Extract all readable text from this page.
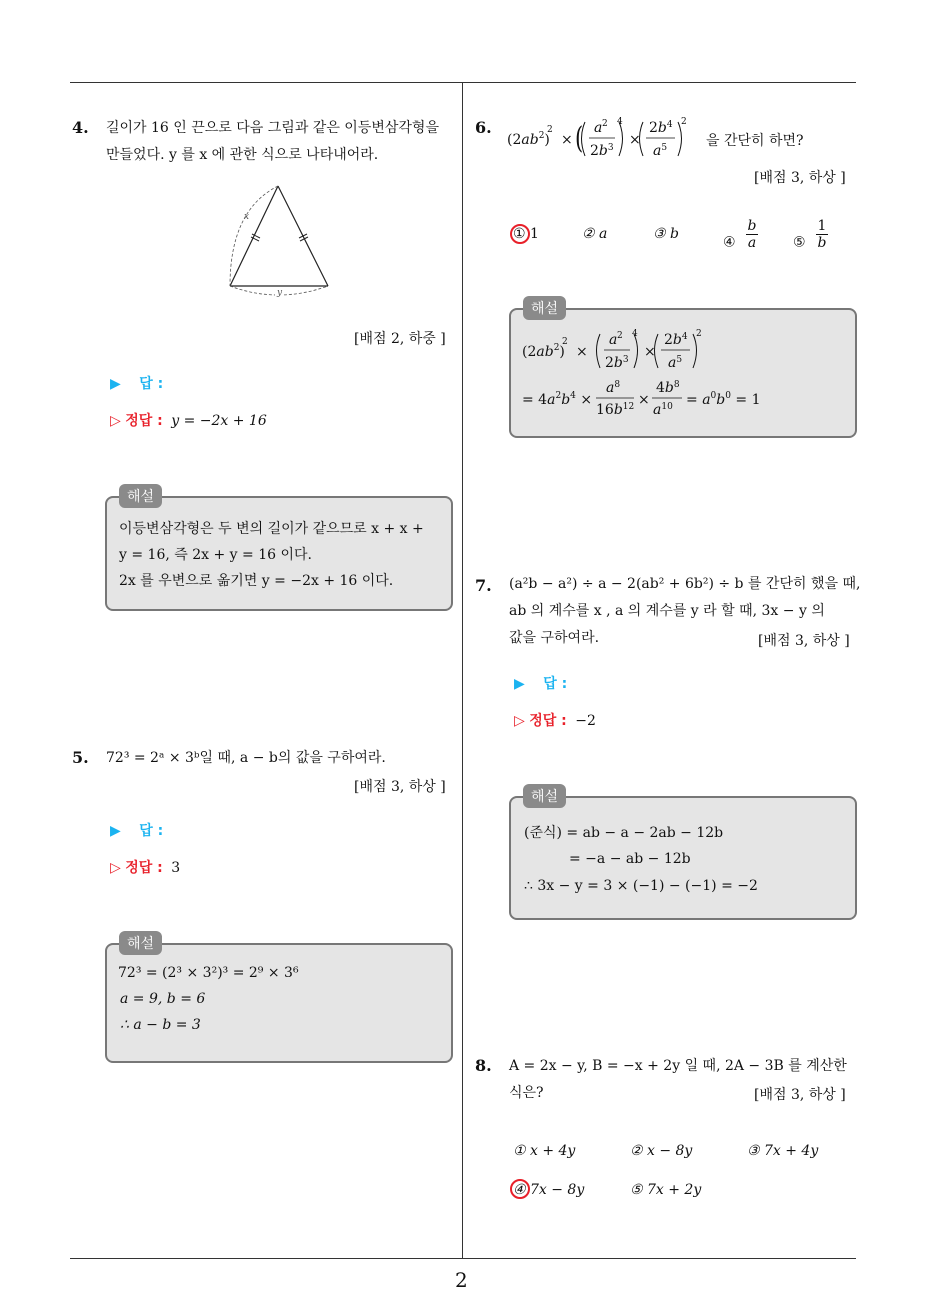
2
4. 길이가 16 인 끈으로 다음 그림과 같은 이등변삼각형을
만들었다. y 를 x 에 관한 식으로 나타내어라.
x
y
[배점 2, 하중 ]
▶ 답 :
▷ 정답 : y = −2x + 16
해설
이등변삼각형은 두 변의 길이가 같으므로 x + x +
y = 16, 즉 2x + y = 16 이다.
2x 를 우변으로 옮기면 y = −2x + 16 이다.
5. 72³ = 2ᵃ × 3ᵇ일 때, a − b의 값을 구하여라.
[배점 3, 하상 ]
▶ 답 :
▷ 정답 : 3
해설
72³ = (2³ × 3²)³ = 2⁹ × 3⁶
a = 9, b = 6
∴ a − b = 3
6.
$(2ab^2)$
2
× ( a 2
$2b^3$
4
×
$2b^4$
$a^5$
2
을 간단히 하면?
[배점 3, 하상 ]
① 1	② a	③ b
④ b
a	⑤ 1
b
해설
$(2ab^2)$
2
×
a 2
$2b^3$
4
×
$2b^4$
$a^5$
2
= $4a^2b^4$ ×
$a^8$
$16b^{12}$ ×
$4b^8$
$a^{10} = a^0b^0 = 1$
7. (a²b − a²) ÷ a − 2(ab² + 6b²) ÷ b 를 간단히 했을 때,
ab 의 계수를 x , a 의 계수를 y 라 할 때, 3x − y 의
값을 구하여라.	[배점 3, 하상 ]
▶ 답 :
▷ 정답 : −2
해설
(준식) = ab − a − 2ab − 12b
= −a − ab − 12b
∴ 3x − y = 3 × (−1) − (−1) = −2
8. A = 2x − y, B = −x + 2y 일 때, 2A − 3B 를 계산한
식은?	[배점 3, 하상 ]
① x + 4y	② x − 8y	③ 7x + 4y
④ 7x − 8y	⑤ 7x + 2y
